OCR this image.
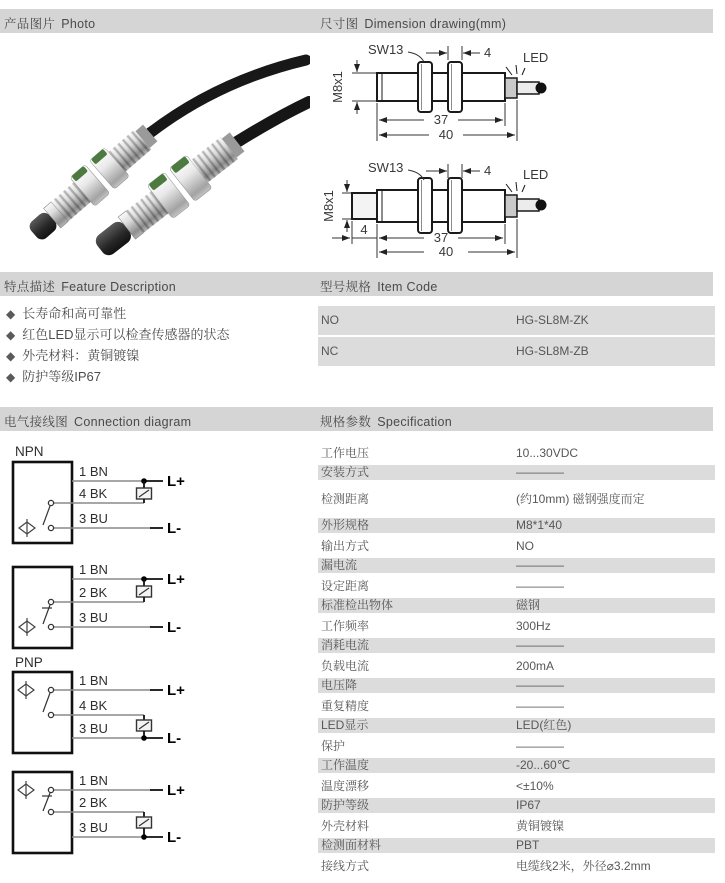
产品图片 Photo	尺寸图 Dimension drawing(mm)
特点描述 Feature Description	型号规格 Item Code
电气接线图 Connection diagram	规格参数 Specification
LED
SW13	4
M8x1
37
40
LED
SW13	4
M8x1
4
37
40
◆ 长寿命和高可靠性
◆ 红色LED显示可以检查传感器的状态
◆ 外壳材料：黄铜镀镍
◆ 防护等级IP67
NO	HG-SL8M-ZK
NC	HG-SL8M-ZB
NPN
1 BN
4 BK
3 BU
L+
L-
1 BN
2 BK
3 BU
L+
L-
PNP
1 BN
4 BK
3 BU
L+
L-
1 BN
2 BK
3 BU
L+
L-
工作电压	10...30VDC
安装方式	————
检测距离	(约10mm) 磁钢强度而定
外形规格	M8*1*40
输出方式	NO
漏电流	————
设定距离	————
标准检出物体	磁钢
工作频率	300Hz
消耗电流	————
负载电流	200mA
电压降	————
重复精度	————
LED显示	LED(红色)
保护	————
工作温度	-20...60℃
温度漂移	<±10%
防护等级	IP67
外壳材料	黄铜镀镍
检测面材料	PBT
接线方式	电缆线2米，外径⌀3.2mm
